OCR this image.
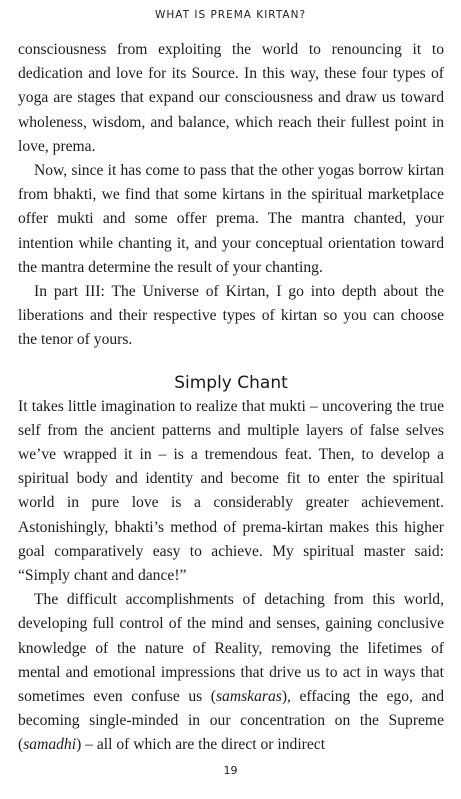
WHAT IS PREMA KIRTAN?

consciousness from exploiting the world to renouncing it to dedication and love for its Source. In this way, these four types of yoga are stages that expand our consciousness and draw us toward wholeness, wisdom, and balance, which reach their fullest point in love, prema.

Now, since it has come to pass that the other yogas borrow kirtan from bhakti, we find that some kirtans in the spiritual marketplace offer mukti and some offer prema. The mantra chanted, your intention while chanting it, and your conceptual orientation toward the mantra determine the result of your chanting.

In part III: The Universe of Kirtan, I go into depth about the liberations and their respective types of kirtan so you can choose the tenor of yours.

Simply Chant

It takes little imagination to realize that mukti – uncovering the true self from the ancient patterns and multiple layers of false selves we’ve wrapped it in – is a tremendous feat. Then, to develop a spiritual body and identity and become fit to enter the spiritual world in pure love is a considerably greater achievement. Astonishingly, bhakti’s method of prema-kirtan makes this higher goal comparatively easy to achieve. My spiritual master said: “Simply chant and dance!”

The difficult accomplishments of detaching from this world, developing full control of the mind and senses, gaining conclusive knowledge of the nature of Reality, removing the lifetimes of mental and emotional impressions that drive us to act in ways that sometimes even confuse us (samskaras), effacing the ego, and becoming single-minded in our concentration on the Supreme (samadhi) – all of which are the direct or indirect

19
